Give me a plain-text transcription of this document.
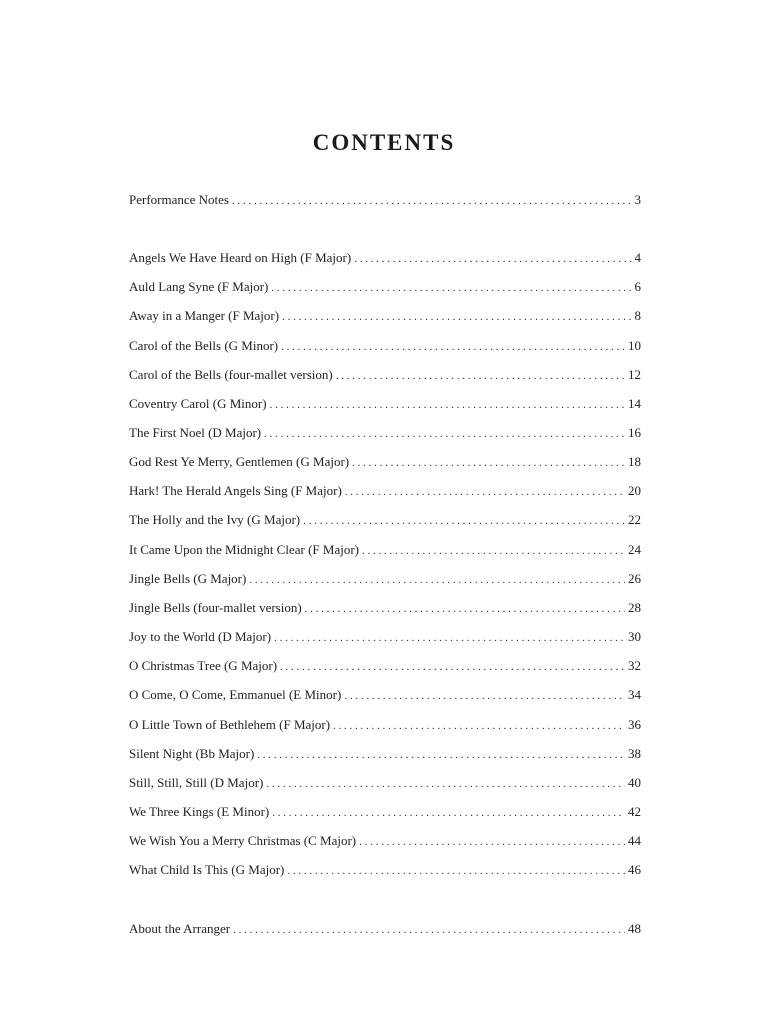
CONTENTS
Performance Notes . . .	3
Angels We Have Heard on High (F Major) . . .	4
Auld Lang Syne (F Major) . . .	6
Away in a Manger (F Major) . . .	8
Carol of the Bells (G Minor) . . .	10
Carol of the Bells (four-mallet version) . . .	12
Coventry Carol (G Minor) . . .	14
The First Noel (D Major) . . .	16
God Rest Ye Merry, Gentlemen (G Major) . . .	18
Hark! The Herald Angels Sing (F Major) . . .	20
The Holly and the Ivy (G Major) . . .	22
It Came Upon the Midnight Clear (F Major) . . .	24
Jingle Bells (G Major) . . .	26
Jingle Bells (four-mallet version) . . .	28
Joy to the World (D Major) . . .	30
O Christmas Tree (G Major) . . .	32
O Come, O Come, Emmanuel (E Minor) . . .	34
O Little Town of Bethlehem (F Major) . . .	36
Silent Night (Bb Major) . . .	38
Still, Still, Still (D Major) . . .	40
We Three Kings (E Minor) . . .	42
We Wish You a Merry Christmas (C Major) . . .	44
What Child Is This (G Major) . . .	46
About the Arranger . . .	48
